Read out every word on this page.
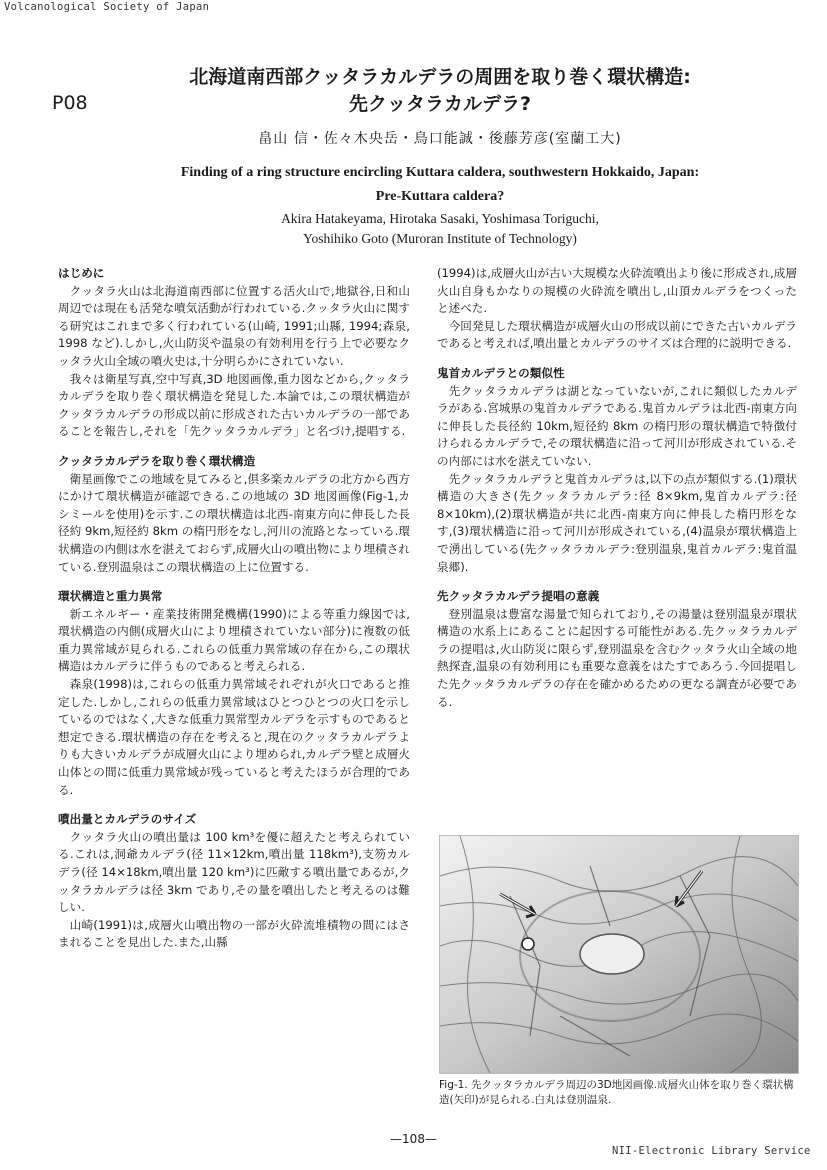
Volcanological Society of Japan
P08
北海道南西部クッタラカルデラの周囲を取り巻く環状構造:
先クッタラカルデラ?
畠山 信・佐々木央岳・鳥口能誠・後藤芳彦(室蘭工大)
Finding of a ring structure encircling Kuttara caldera, southwestern Hokkaido, Japan:
Pre-Kuttara caldera?
Akira Hatakeyama, Hirotaka Sasaki, Yoshimasa Toriguchi,
Yoshihiko Goto (Muroran Institute of Technology)

はじめに

クッタラ火山は北海道南西部に位置する活火山で,地獄谷,日和山周辺では現在も活発な噴気活動が行われている.クッタラ火山に関する研究はこれまで多く行われている(山崎, 1991;山縣, 1994;森泉, 1998 など).しかし,火山防災や温泉の有効利用を行う上で必要なクッタラ火山全域の噴火史は,十分明らかにされていない.

我々は衛星写真,空中写真,3D 地図画像,重力図などから,クッタラカルデラを取り巻く環状構造を発見した.本論では,この環状構造がクッタラカルデラの形成以前に形成された古いカルデラの一部であることを報告し,それを「先クッタラカルデラ」と名づけ,提唱する.

クッタラカルデラを取り巻く環状構造

衛星画像でこの地域を見てみると,倶多楽カルデラの北方から西方にかけて環状構造が確認できる.この地域の 3D 地図画像(Fig-1,カシミールを使用)を示す.この環状構造は北西-南東方向に伸長した長径約 9km,短径約 8km の楕円形をなし,河川の流路となっている.環状構造の内側は水を湛えておらず,成層火山の噴出物により埋積されている.登別温泉はこの環状構造の上に位置する.

環状構造と重力異常

新エネルギー・産業技術開発機構(1990)による等重力線図では,環状構造の内側(成層火山により埋積されていない部分)に複数の低重力異常域が見られる.これらの低重力異常域の存在から,この環状構造はカルデラに伴うものであると考えられる.

森泉(1998)は,これらの低重力異常域それぞれが火口であると推定した.しかし,これらの低重力異常域はひとつひとつの火口を示しているのではなく,大きな低重力異常型カルデラを示すものであると想定できる.環状構造の存在を考えると,現在のクッタラカルデラよりも大きいカルデラが成層火山により埋められ,カルデラ壁と成層火山体との間に低重力異常域が残っていると考えたほうが合理的である.

噴出量とカルデラのサイズ

クッタラ火山の噴出量は 100 km³を優に超えたと考えられている.これは,洞爺カルデラ(径 11×12km,噴出量 118km³),支笏カルデラ(径 14×18km,噴出量 120 km³)に匹敵する噴出量であるが,クッタラカルデラは径 3km であり,その量を噴出したと考えるのは難しい.

山崎(1991)は,成層火山噴出物の一部が火砕流堆積物の間にはさまれることを見出した.また,山縣

(1994)は,成層火山が古い大規模な火砕流噴出より後に形成され,成層火山自身もかなりの規模の火砕流を噴出し,山頂カルデラをつくったと述べた.

今回発見した環状構造が成層火山の形成以前にできた古いカルデラであると考えれば,噴出量とカルデラのサイズは合理的に説明できる.

鬼首カルデラとの類似性

先クッタラカルデラは湖となっていないが,これに類似したカルデラがある.宮城県の鬼首カルデラである.鬼首カルデラは北西-南東方向に伸長した長径約 10km,短径約 8km の楕円形の環状構造で特徴付けられるカルデラで,その環状構造に沿って河川が形成されている.その内部には水を湛えていない.

先クッタラカルデラと鬼首カルデラは,以下の点が類似する.(1)環状構造の大きさ(先クッタラカルデラ:径 8×9km,鬼首カルデラ:径 8×10km),(2)環状構造が共に北西-南東方向に伸長した楕円形をなす,(3)環状構造に沿って河川が形成されている,(4)温泉が環状構造上で湧出している(先クッタラカルデラ:登別温泉,鬼首カルデラ:鬼首温泉郷).

先クッタラカルデラ提唱の意義

登別温泉は豊富な湯量で知られており,その湯量は登別温泉が環状構造の水系上にあることに起因する可能性がある.先クッタラカルデラの提唱は,火山防災に限らず,登別温泉を含むクッタラ火山全域の地熱探査,温泉の有効利用にも重要な意義をはたすであろう.今回提唱した先クッタラカルデラの存在を確かめるための更なる調査が必要である.

Fig-1. 先クッタラカルデラ周辺の3D地図画像.成層火山体を取り巻く環状構造(矢印)が見られる.白丸は登別温泉.
—108—
NII-Electronic Library Service
